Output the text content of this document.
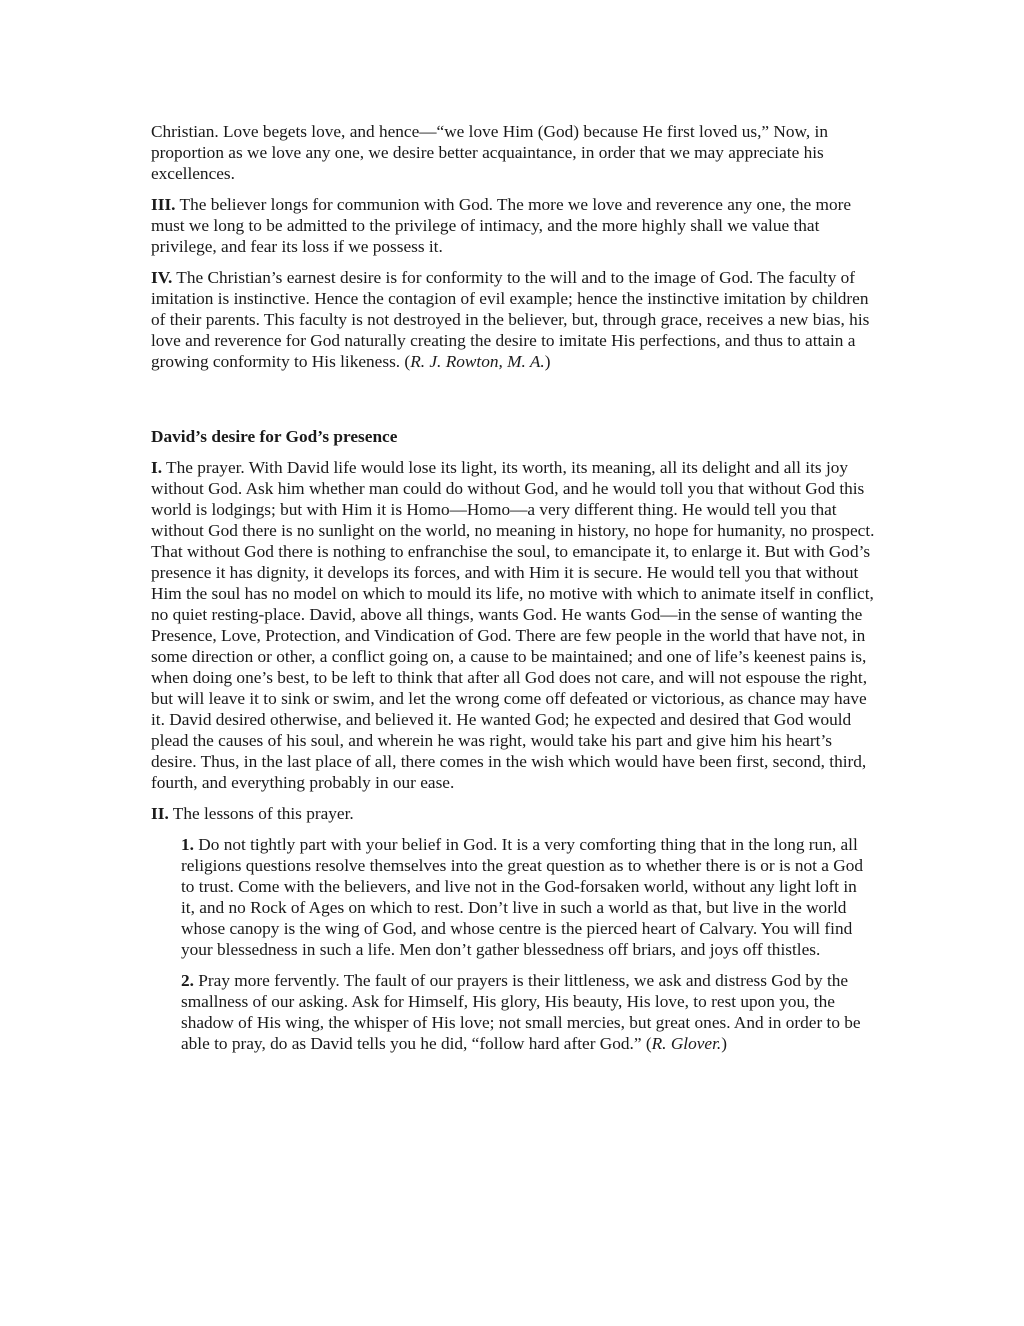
Christian. Love begets love, and hence—“we love Him (God) because He first loved us,” Now, in proportion as we love any one, we desire better acquaintance, in order that we may appreciate his excellences.

III. The believer longs for communion with God. The more we love and reverence any one, the more must we long to be admitted to the privilege of intimacy, and the more highly shall we value that privilege, and fear its loss if we possess it.

IV. The Christian’s earnest desire is for conformity to the will and to the image of God. The faculty of imitation is instinctive. Hence the contagion of evil example; hence the instinctive imitation by children of their parents. This faculty is not destroyed in the believer, but, through grace, receives a new bias, his love and reverence for God naturally creating the desire to imitate His perfections, and thus to attain a growing conformity to His likeness. (R. J. Rowton, M. A.)

David’s desire for God’s presence

I. The prayer. With David life would lose its light, its worth, its meaning, all its delight and all its joy without God. Ask him whether man could do without God, and he would toll you that without God this world is lodgings; but with Him it is Homo—Homo—a very different thing. He would tell you that without God there is no sunlight on the world, no meaning in history, no hope for humanity, no prospect. That without God there is nothing to enfranchise the soul, to emancipate it, to enlarge it. But with God’s presence it has dignity, it develops its forces, and with Him it is secure. He would tell you that without Him the soul has no model on which to mould its life, no motive with which to animate itself in conflict, no quiet resting-place. David, above all things, wants God. He wants God—in the sense of wanting the Presence, Love, Protection, and Vindication of God. There are few people in the world that have not, in some direction or other, a conflict going on, a cause to be maintained; and one of life’s keenest pains is, when doing one’s best, to be left to think that after all God does not care, and will not espouse the right, but will leave it to sink or swim, and let the wrong come off defeated or victorious, as chance may have it. David desired otherwise, and believed it. He wanted God; he expected and desired that God would plead the causes of his soul, and wherein he was right, would take his part and give him his heart’s desire. Thus, in the last place of all, there comes in the wish which would have been first, second, third, fourth, and everything probably in our ease.

II. The lessons of this prayer.

1. Do not tightly part with your belief in God. It is a very comforting thing that in the long run, all religions questions resolve themselves into the great question as to whether there is or is not a God to trust. Come with the believers, and live not in the God-forsaken world, without any light loft in it, and no Rock of Ages on which to rest. Don’t live in such a world as that, but live in the world whose canopy is the wing of God, and whose centre is the pierced heart of Calvary. You will find your blessedness in such a life. Men don’t gather blessedness off briars, and joys off thistles.

2. Pray more fervently. The fault of our prayers is their littleness, we ask and distress God by the smallness of our asking. Ask for Himself, His glory, His beauty, His love, to rest upon you, the shadow of His wing, the whisper of His love; not small mercies, but great ones. And in order to be able to pray, do as David tells you he did, “follow hard after God.” (R. Glover.)
